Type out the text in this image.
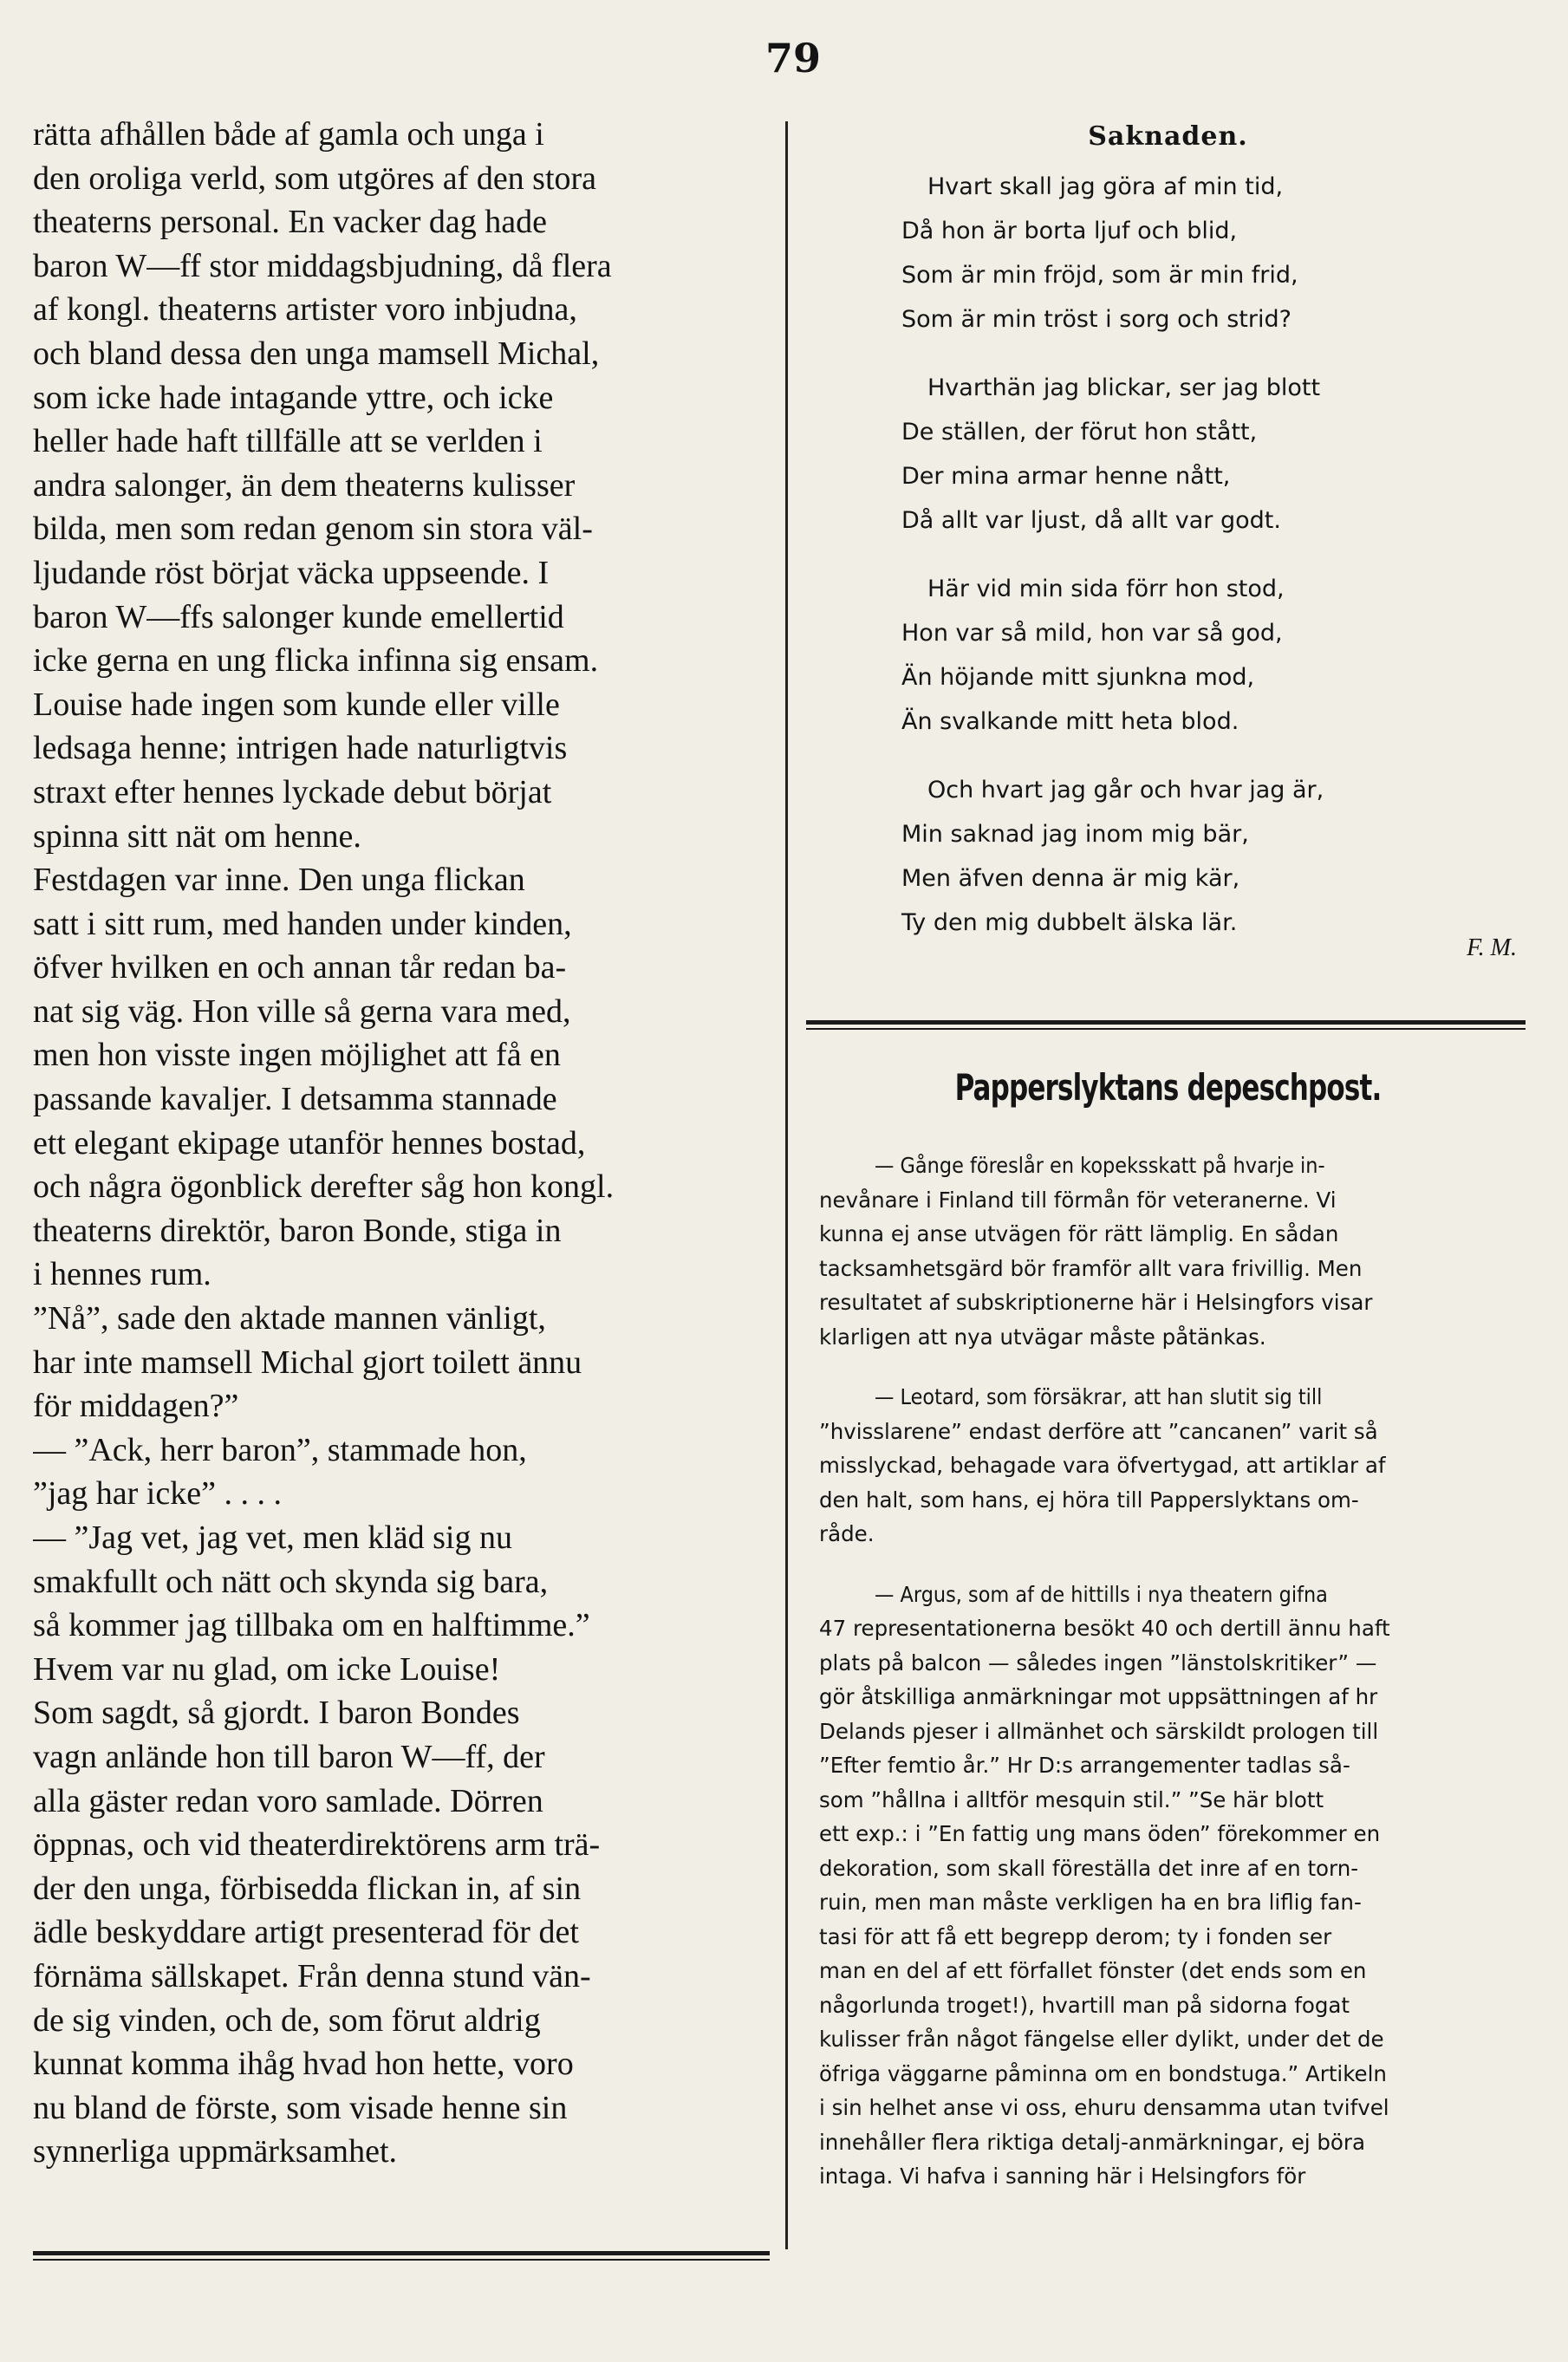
79
rätta afhållen både af gamla och unga i
den oroliga verld, som utgöres af den stora
theaterns personal. En vacker dag hade
baron W—ff stor middagsbjudning, då flera
af kongl. theaterns artister voro inbjudna,
och bland dessa den unga mamsell Michal,
som icke hade intagande yttre, och icke
heller hade haft tillfälle att se verlden i
andra salonger, än dem theaterns kulisser
bilda, men som redan genom sin stora väl-
ljudande röst börjat väcka uppseende. I
baron W—ffs salonger kunde emellertid
icke gerna en ung flicka infinna sig ensam.
Louise hade ingen som kunde eller ville
ledsaga henne; intrigen hade naturligtvis
straxt efter hennes lyckade debut börjat
spinna sitt nät om henne.
Festdagen var inne. Den unga flickan
satt i sitt rum, med handen under kinden,
öfver hvilken en och annan tår redan ba-
nat sig väg. Hon ville så gerna vara med,
men hon visste ingen möjlighet att få en
passande kavaljer. I detsamma stannade
ett elegant ekipage utanför hennes bostad,
och några ögonblick derefter såg hon kongl.
theaterns direktör, baron Bonde, stiga in
i hennes rum.
”Nå”, sade den aktade mannen vänligt,
har inte mamsell Michal gjort toilett ännu
för middagen?”
— ”Ack, herr baron”, stammade hon,
”jag har icke” . . . .
— ”Jag vet, jag vet, men kläd sig nu
smakfullt och nätt och skynda sig bara,
så kommer jag tillbaka om en halftimme.”
Hvem var nu glad, om icke Louise!
Som sagdt, så gjordt. I baron Bondes
vagn anlände hon till baron W—ff, der
alla gäster redan voro samlade. Dörren
öppnas, och vid theaterdirektörens arm trä-
der den unga, förbisedda flickan in, af sin
ädle beskyddare artigt presenterad för det
förnäma sällskapet. Från denna stund vän-
de sig vinden, och de, som förut aldrig
kunnat komma ihåg hvad hon hette, voro
nu bland de förste, som visade henne sin
synnerliga uppmärksamhet.
Saknaden.
Hvart skall jag göra af min tid,
Då hon är borta ljuf och blid,
Som är min fröjd, som är min frid,
Som är min tröst i sorg och strid?
Hvarthän jag blickar, ser jag blott
De ställen, der förut hon stått,
Der mina armar henne nått,
Då allt var ljust, då allt var godt.
Här vid min sida förr hon stod,
Hon var så mild, hon var så god,
Än höjande mitt sjunkna mod,
Än svalkande mitt heta blod.
Och hvart jag går och hvar jag är,
Min saknad jag inom mig bär,
Men äfven denna är mig kär,
Ty den mig dubbelt älska lär.
F. M.
Papperslyktans depeschpost.
— Gånge föreslår en kopeksskatt på hvarje in-
nevånare i Finland till förmån för veteranerne. Vi
kunna ej anse utvägen för rätt lämplig. En sådan
tacksamhetsgärd bör framför allt vara frivillig. Men
resultatet af subskriptionerne här i Helsingfors visar
klarligen att nya utvägar måste påtänkas.
— Leotard, som försäkrar, att han slutit sig till
”hvisslarene” endast derföre att ”cancanen” varit så
misslyckad, behagade vara öfvertygad, att artiklar af
den halt, som hans, ej höra till Papperslyktans om-
råde.
— Argus, som af de hittills i nya theatern gifna
47 representationerna besökt 40 och dertill ännu haft
plats på balcon — således ingen ”länstolskritiker” —
gör åtskilliga anmärkningar mot uppsättningen af hr
Delands pjeser i allmänhet och särskildt prologen till
”Efter femtio år.” Hr D:s arrangementer tadlas så-
som ”hållna i alltför mesquin stil.” ”Se här blott
ett exp.: i ”En fattig ung mans öden” förekommer en
dekoration, som skall föreställa det inre af en torn-
ruin, men man måste verkligen ha en bra liflig fan-
tasi för att få ett begrepp derom; ty i fonden ser
man en del af ett förfallet fönster (det ends som en
någorlunda troget!), hvartill man på sidorna fogat
kulisser från något fängelse eller dylikt, under det de
öfriga väggarne påminna om en bondstuga.” Artikeln
i sin helhet anse vi oss, ehuru densamma utan tvifvel
innehåller flera riktiga detalj-anmärkningar, ej böra
intaga. Vi hafva i sanning här i Helsingfors för
